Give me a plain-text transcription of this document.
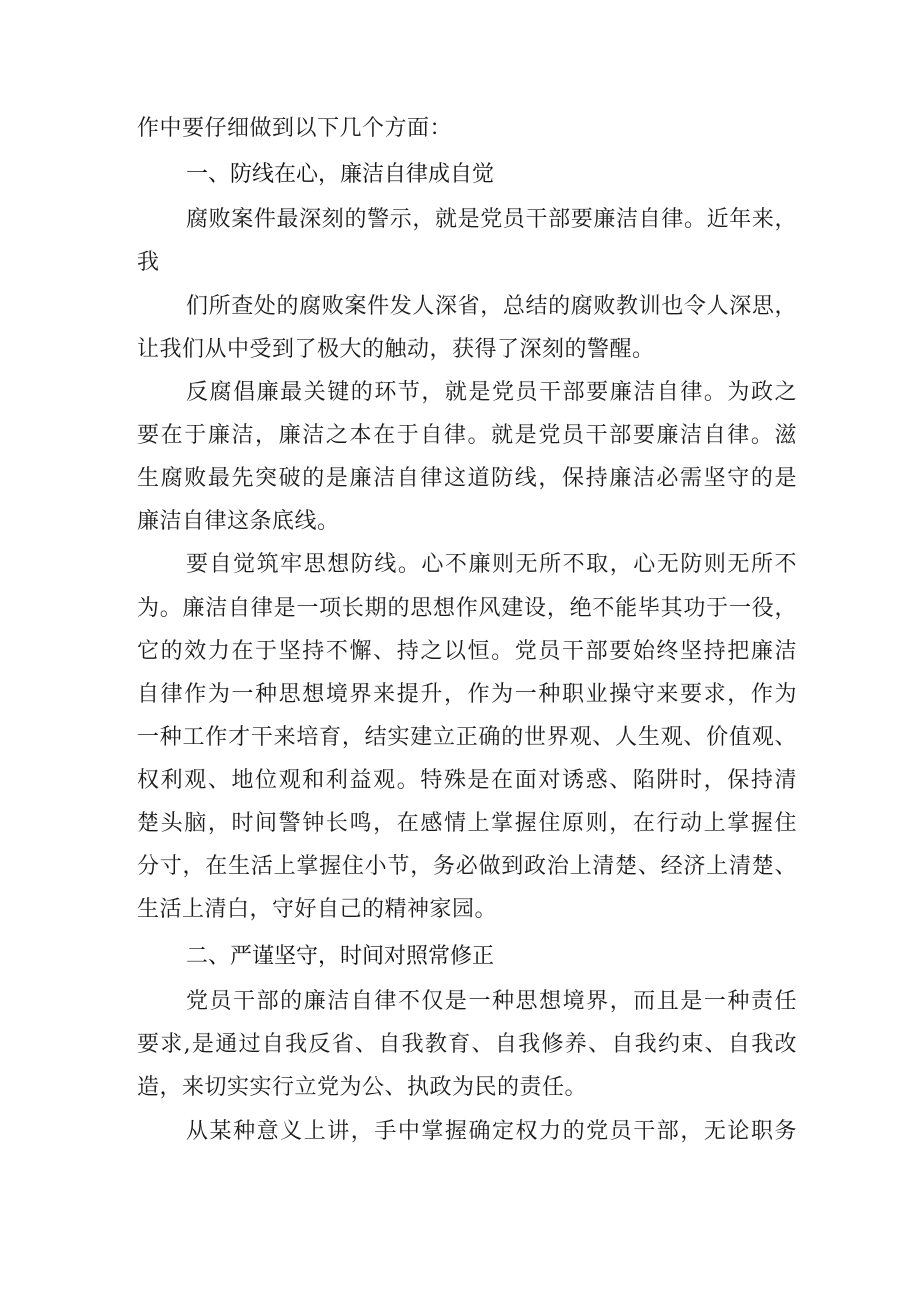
作中要仔细做到以下几个方面：
一、防线在心，廉洁自律成自觉
腐败案件最深刻的警示，就是党员干部要廉洁自律。近年来，
我
们所查处的腐败案件发人深省，总结的腐败教训也令人深思，
让我们从中受到了极大的触动，获得了深刻的警醒。
反腐倡廉最关键的环节，就是党员干部要廉洁自律。为政之
要在于廉洁，廉洁之本在于自律。就是党员干部要廉洁自律。滋
生腐败最先突破的是廉洁自律这道防线，保持廉洁必需坚守的是
廉洁自律这条底线。
要自觉筑牢思想防线。心不廉则无所不取，心无防则无所不
为。廉洁自律是一项长期的思想作风建设，绝不能毕其功于一役，
它的效力在于坚持不懈、持之以恒。党员干部要始终坚持把廉洁
自律作为一种思想境界来提升，作为一种职业操守来要求，作为
一种工作才干来培育，结实建立正确的世界观、人生观、价值观、
权利观、地位观和利益观。特殊是在面对诱惑、陷阱时，保持清
楚头脑，时间警钟长鸣，在感情上掌握住原则，在行动上掌握住
分寸，在生活上掌握住小节，务必做到政治上清楚、经济上清楚、
生活上清白，守好自己的精神家园。
二、严谨坚守，时间对照常修正
党员干部的廉洁自律不仅是一种思想境界，而且是一种责任
要求,是通过自我反省、自我教育、自我修养、自我约束、自我改
造，来切实实行立党为公、执政为民的责任。
从某种意义上讲，手中掌握确定权力的党员干部，无论职务
